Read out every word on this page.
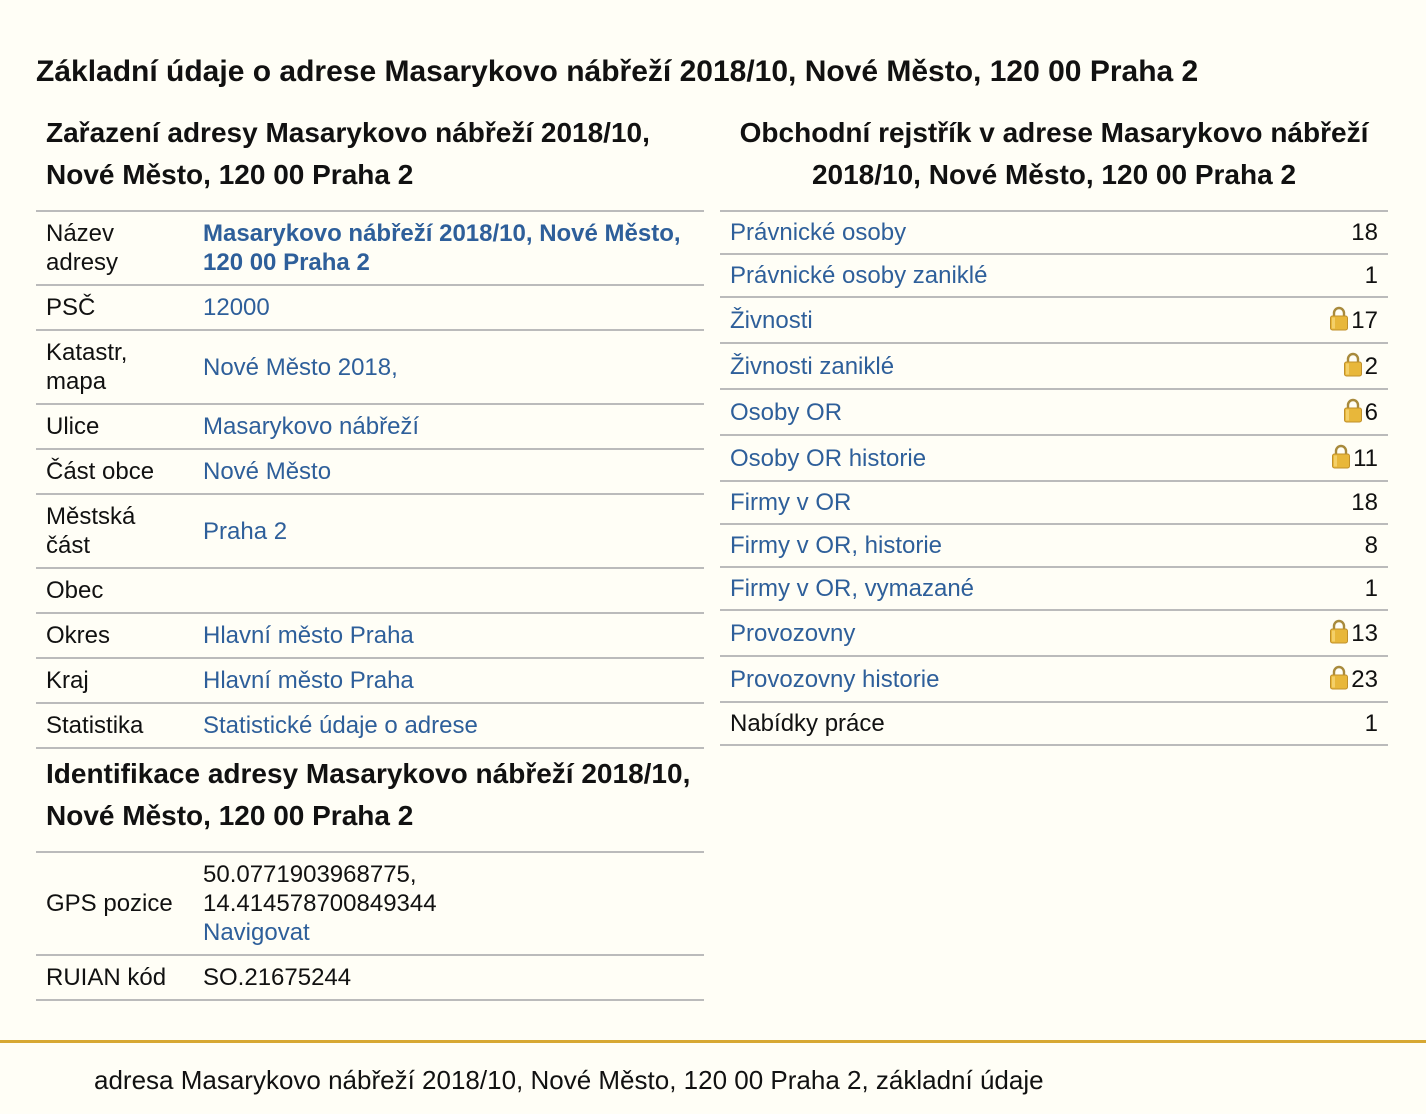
Základní údaje o adrese Masarykovo nábřeží 2018/10, Nové Město, 120 00 Praha 2
Zařazení adresy Masarykovo nábřeží 2018/10, Nové Město, 120 00 Praha 2
Název adresy	Masarykovo nábřeží 2018/10, Nové Město, 120 00 Praha 2
PSČ	12000
Katastr, mapa	Nové Město 2018,
Ulice	Masarykovo nábřeží
Část obce	Nové Město
Městská část	Praha 2
Obec	
Okres	Hlavní město Praha
Kraj	Hlavní město Praha
Statistika	Statistické údaje o adrese
Identifikace adresy Masarykovo nábřeží 2018/10, Nové Město, 120 00 Praha 2
GPS pozice	50.0771903968775,
14.414578700849344
Navigovat
RUIAN kód	SO.21675244
Obchodní rejstřík v adrese Masarykovo nábřeží 2018/10, Nové Město, 120 00 Praha 2
Právnické osoby	18
Právnické osoby zaniklé	1
Živnosti	17
Živnosti zaniklé	2
Osoby OR	6
Osoby OR historie	11
Firmy v OR	18
Firmy v OR, historie	8
Firmy v OR, vymazané	1
Provozovny	13
Provozovny historie	23
Nabídky práce	1
adresa Masarykovo nábřeží 2018/10, Nové Město, 120 00 Praha 2, základní údaje
